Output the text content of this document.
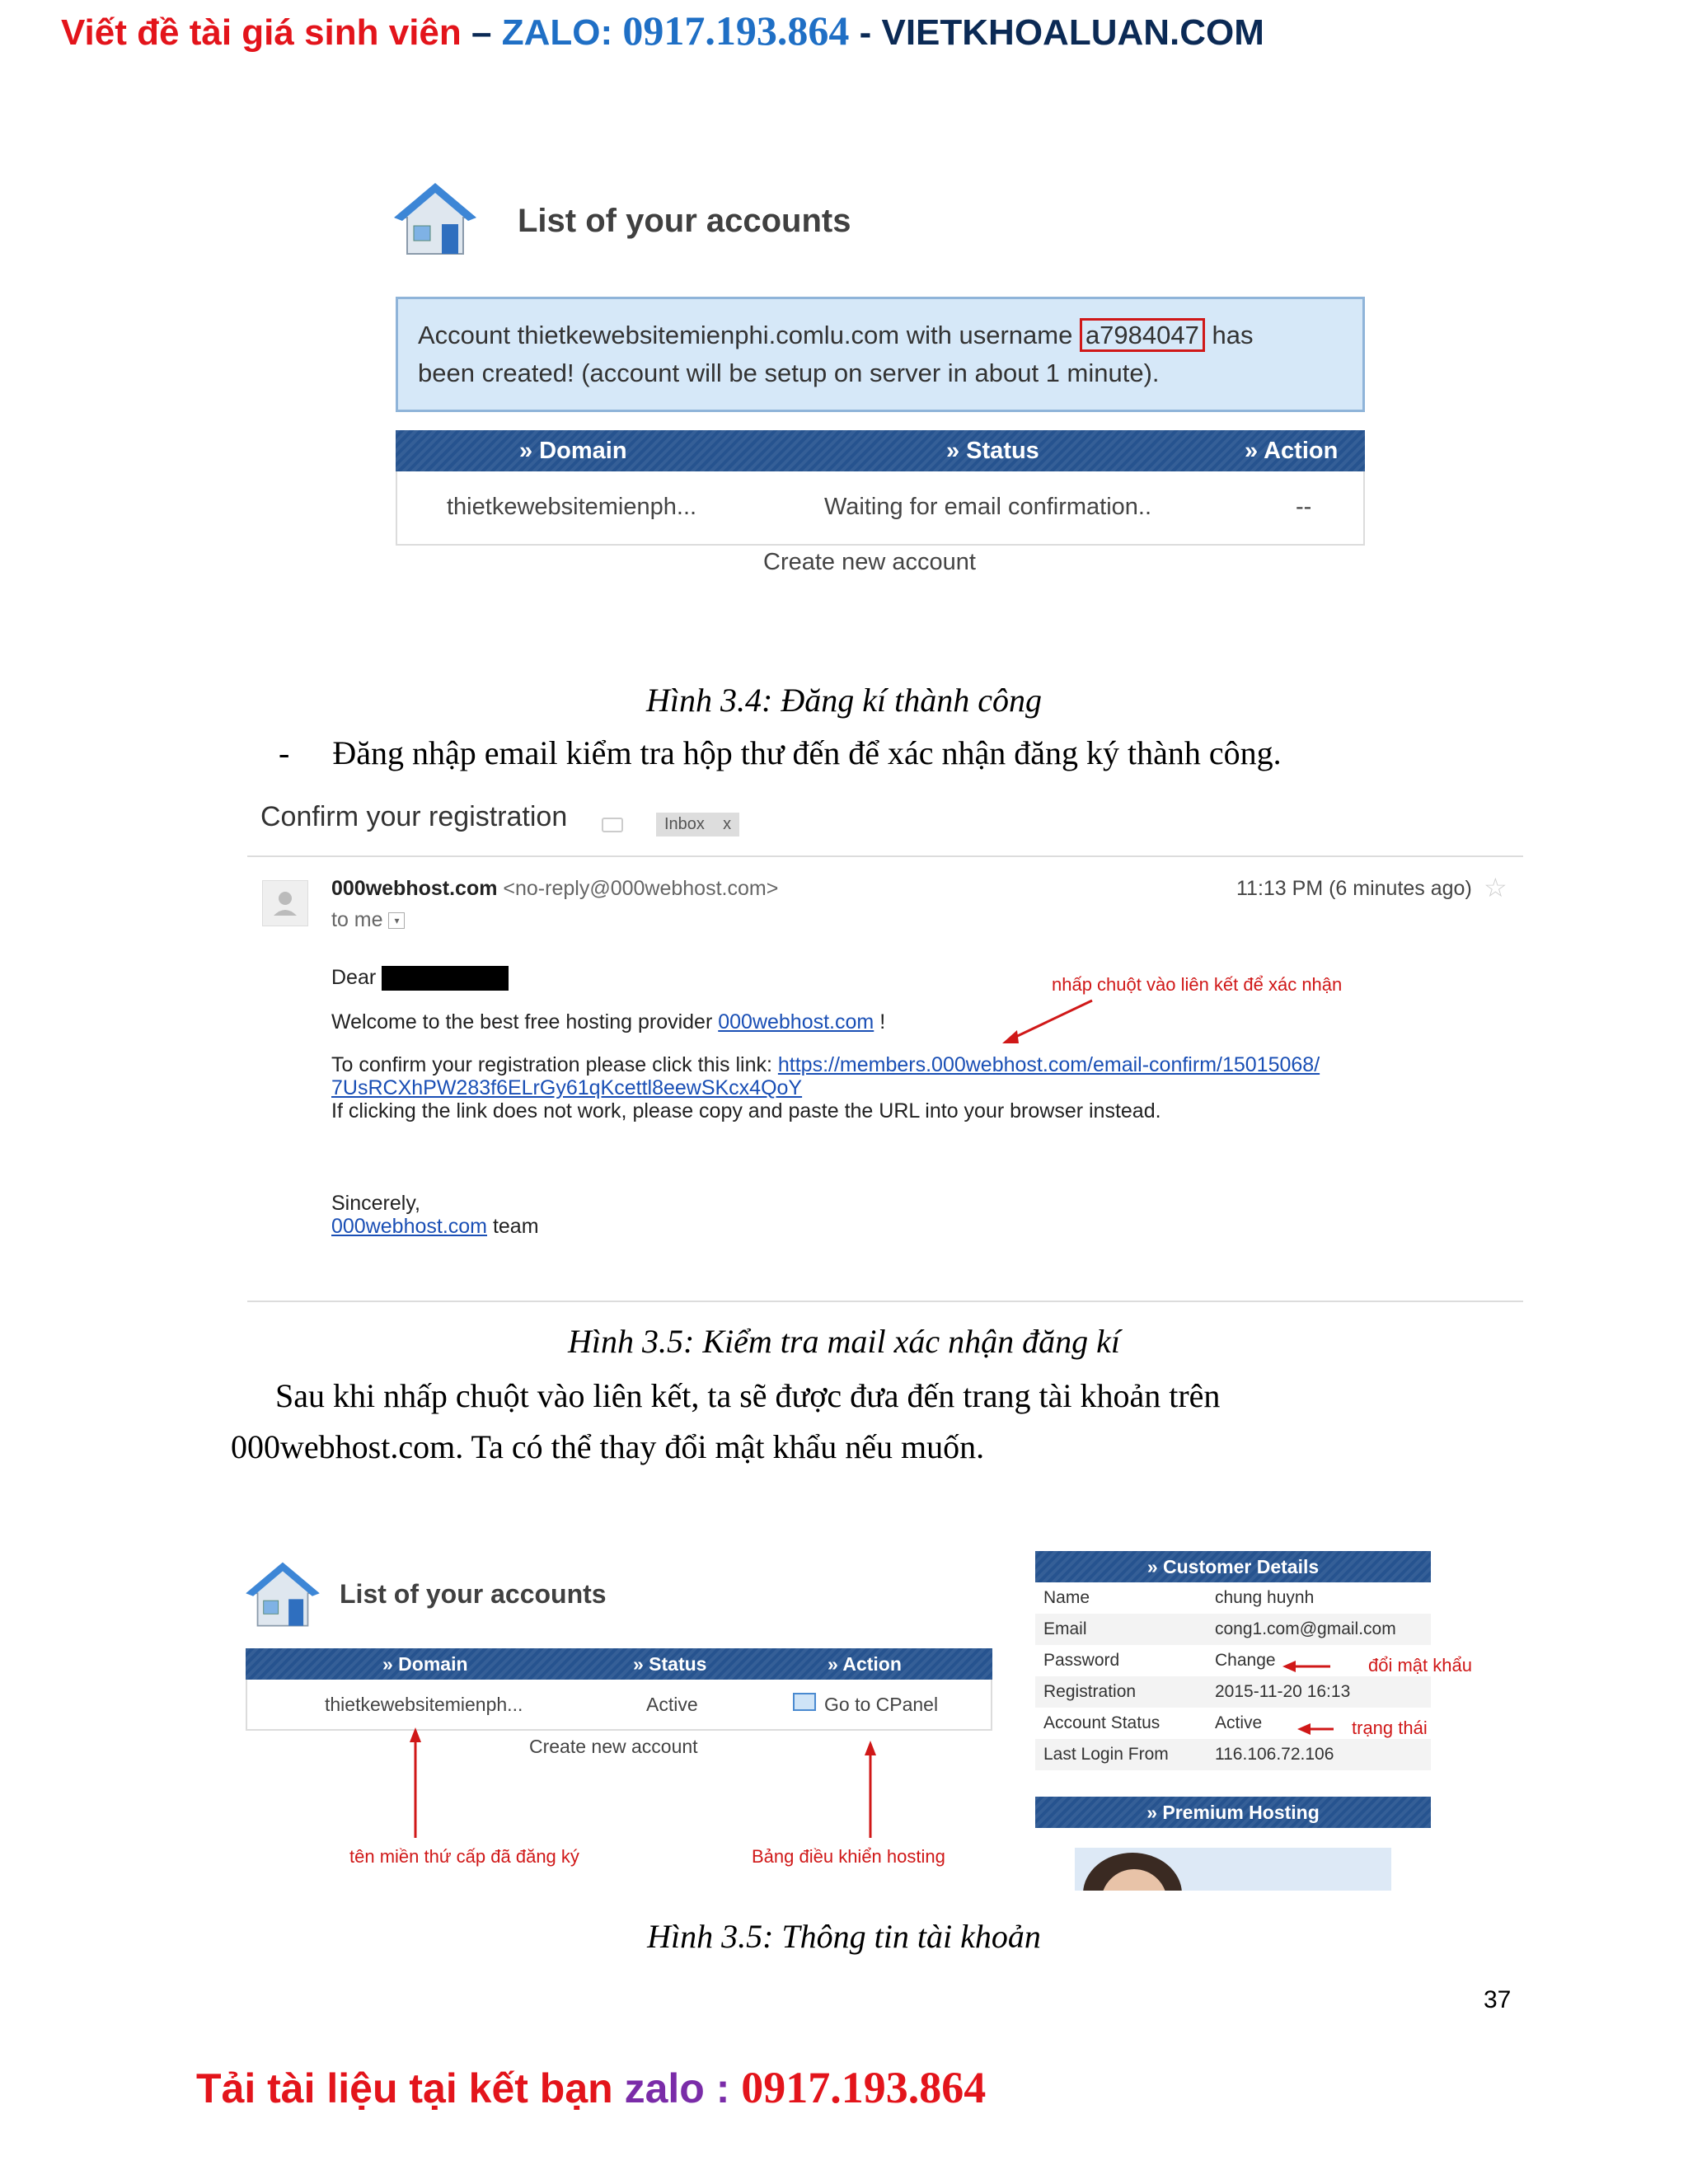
Viết đề tài giá sinh viên – ZALO: 0917.193.864 - VIETKHOALUAN.COM
List of your accounts
Account thietkewebsitemienphi.comlu.com with username a7984047 has
been created! (account will be setup on server in about 1 minute).
» Domain	» Status	» Action
thietkewebsitemienph...	Waiting for email confirmation..	--
Create new account
Hình 3.4: Đăng kí thành công
- Đăng nhập email kiểm tra hộp thư đến để xác nhận đăng ký thành công.
Confirm your registration	Inbox    x
000webhost.com <no-reply@000webhost.com>
to me ▾
11:13 PM (6 minutes ago) ☆
Dear	nhấp chuột vào liên kết để xác nhận
Welcome to the best free hosting provider 000webhost.com !
To confirm your registration please click this link: https://members.000webhost.com/email-confirm/15015068/
7UsRCXhPW283f6ELrGy61qKcettl8eewSKcx4QoY
If clicking the link does not work, please copy and paste the URL into your browser instead.
Sincerely,
000webhost.com team
Hình 3.5: Kiểm tra mail xác nhận đăng kí
Sau khi nhấp chuột vào liên kết, ta sẽ được đưa đến trang tài khoản trên
000webhost.com. Ta có thể thay đổi mật khẩu nếu muốn.
List of your accounts
» Domain	» Status	» Action
thietkewebsitemienph...	Active	Go to CPanel
Create new account
tên miền thứ cấp đã đăng ký	Bảng điều khiển hosting
» Customer Details
Name	chung huynh
Email	cong1.com@gmail.com
Password	Change
Registration	2015-11-20 16:13
Account Status	Active
Last Login From	116.106.72.106
đổi mật khẩu
trạng thái
» Premium Hosting
Hình 3.5: Thông tin tài khoản
37
Tải tài liệu tại kết bạn zalo : 0917.193.864
